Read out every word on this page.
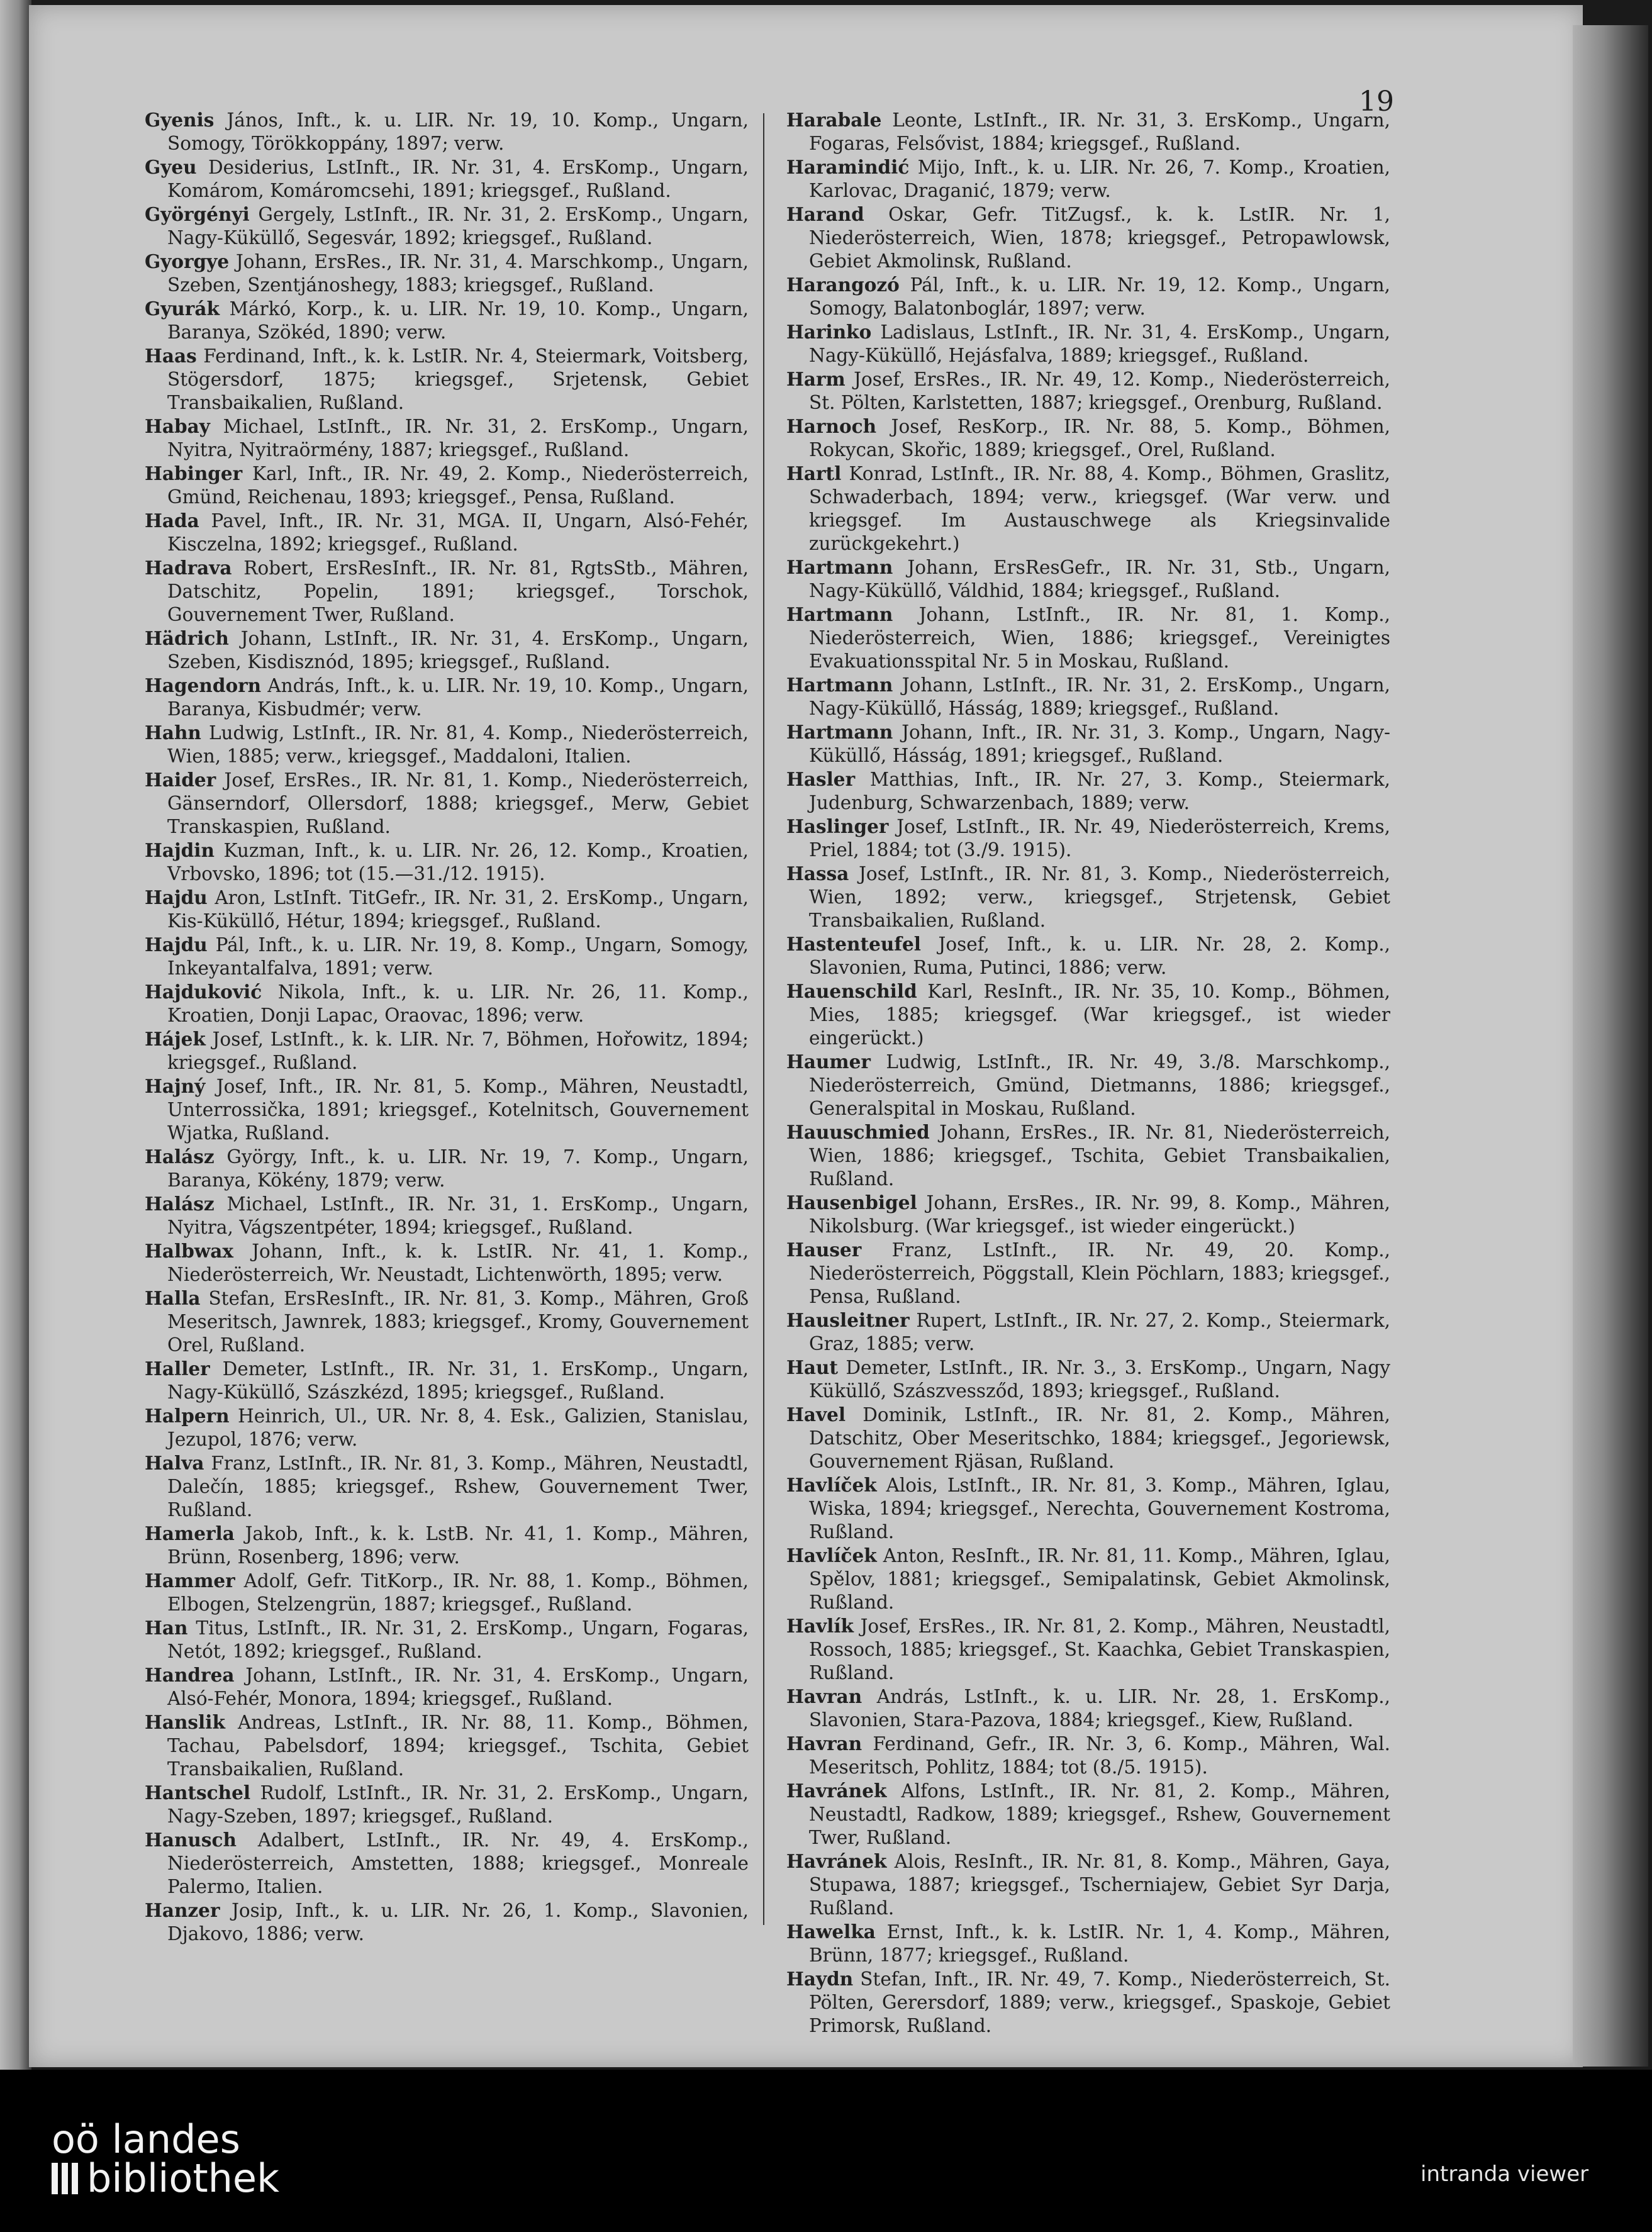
19

Gyenis János, Inft., k. u. LIR. Nr. 19, 10. Komp., Ungarn, Somogy, Törökkoppány, 1897; verw.

Gyeu Desiderius, LstInft., IR. Nr. 31, 4. ErsKomp., Ungarn, Komárom, Komáromcsehi, 1891; kriegsgef., Rußland.

Györgényi Gergely, LstInft., IR. Nr. 31, 2. ErsKomp., Ungarn, Nagy-Küküllő, Segesvár, 1892; kriegsgef., Rußland.

Gyorgye Johann, ErsRes., IR. Nr. 31, 4. Marschkomp., Ungarn, Szeben, Szentjánoshegy, 1883; kriegsgef., Rußland.

Gyurák Márkó, Korp., k. u. LIR. Nr. 19, 10. Komp., Ungarn, Baranya, Szökéd, 1890; verw.

Haas Ferdinand, Inft., k. k. LstIR. Nr. 4, Steiermark, Voitsberg, Stögersdorf, 1875; kriegsgef., Srjetensk, Gebiet Transbaikalien, Rußland.

Habay Michael, LstInft., IR. Nr. 31, 2. ErsKomp., Ungarn, Nyitra, Nyitraörmény, 1887; kriegsgef., Rußland.

Habinger Karl, Inft., IR. Nr. 49, 2. Komp., Niederösterreich, Gmünd, Reichenau, 1893; kriegsgef., Pensa, Rußland.

Hada Pavel, Inft., IR. Nr. 31, MGA. II, Ungarn, Alsó-Fehér, Kisczelna, 1892; kriegsgef., Rußland.

Hadrava Robert, ErsResInft., IR. Nr. 81, RgtsStb., Mähren, Datschitz, Popelin, 1891; kriegsgef., Torschok, Gouvernement Twer, Rußland.

Hädrich Johann, LstInft., IR. Nr. 31, 4. ErsKomp., Ungarn, Szeben, Kisdisznód, 1895; kriegsgef., Rußland.

Hagendorn András, Inft., k. u. LIR. Nr. 19, 10. Komp., Ungarn, Baranya, Kisbudmér; verw.

Hahn Ludwig, LstInft., IR. Nr. 81, 4. Komp., Niederösterreich, Wien, 1885; verw., kriegsgef., Maddaloni, Italien.

Haider Josef, ErsRes., IR. Nr. 81, 1. Komp., Niederösterreich, Gänserndorf, Ollersdorf, 1888; kriegsgef., Merw, Gebiet Transkaspien, Rußland.

Hajdin Kuzman, Inft., k. u. LIR. Nr. 26, 12. Komp., Kroatien, Vrbovsko, 1896; tot (15.—31./12. 1915).

Hajdu Aron, LstInft. TitGefr., IR. Nr. 31, 2. ErsKomp., Ungarn, Kis-Küküllő, Hétur, 1894; kriegsgef., Rußland.

Hajdu Pál, Inft., k. u. LIR. Nr. 19, 8. Komp., Ungarn, Somogy, Inkeyantalfalva, 1891; verw.

Hajduković Nikola, Inft., k. u. LIR. Nr. 26, 11. Komp., Kroatien, Donji Lapac, Oraovac, 1896; verw.

Hájek Josef, LstInft., k. k. LIR. Nr. 7, Böhmen, Hořowitz, 1894; kriegsgef., Rußland.

Hajný Josef, Inft., IR. Nr. 81, 5. Komp., Mähren, Neustadtl, Unterrossička, 1891; kriegsgef., Kotelnitsch, Gouvernement Wjatka, Rußland.

Halász György, Inft., k. u. LIR. Nr. 19, 7. Komp., Ungarn, Baranya, Kökény, 1879; verw.

Halász Michael, LstInft., IR. Nr. 31, 1. ErsKomp., Ungarn, Nyitra, Vágszentpéter, 1894; kriegsgef., Rußland.

Halbwax Johann, Inft., k. k. LstIR. Nr. 41, 1. Komp., Niederösterreich, Wr. Neustadt, Lichtenwörth, 1895; verw.

Halla Stefan, ErsResInft., IR. Nr. 81, 3. Komp., Mähren, Groß Meseritsch, Jawnrek, 1883; kriegsgef., Kromy, Gouvernement Orel, Rußland.

Haller Demeter, LstInft., IR. Nr. 31, 1. ErsKomp., Ungarn, Nagy-Küküllő, Szászkézd, 1895; kriegsgef., Rußland.

Halpern Heinrich, Ul., UR. Nr. 8, 4. Esk., Galizien, Stanislau, Jezupol, 1876; verw.

Halva Franz, LstInft., IR. Nr. 81, 3. Komp., Mähren, Neustadtl, Dalečín, 1885; kriegsgef., Rshew, Gouvernement Twer, Rußland.

Hamerla Jakob, Inft., k. k. LstB. Nr. 41, 1. Komp., Mähren, Brünn, Rosenberg, 1896; verw.

Hammer Adolf, Gefr. TitKorp., IR. Nr. 88, 1. Komp., Böhmen, Elbogen, Stelzengrün, 1887; kriegsgef., Rußland.

Han Titus, LstInft., IR. Nr. 31, 2. ErsKomp., Ungarn, Fogaras, Netót, 1892; kriegsgef., Rußland.

Handrea Johann, LstInft., IR. Nr. 31, 4. ErsKomp., Ungarn, Alsó-Fehér, Monora, 1894; kriegsgef., Rußland.

Hanslik Andreas, LstInft., IR. Nr. 88, 11. Komp., Böhmen, Tachau, Pabelsdorf, 1894; kriegsgef., Tschita, Gebiet Transbaikalien, Rußland.

Hantschel Rudolf, LstInft., IR. Nr. 31, 2. ErsKomp., Ungarn, Nagy-Szeben, 1897; kriegsgef., Rußland.

Hanusch Adalbert, LstInft., IR. Nr. 49, 4. ErsKomp., Niederösterreich, Amstetten, 1888; kriegsgef., Monreale Palermo, Italien.

Hanzer Josip, Inft., k. u. LIR. Nr. 26, 1. Komp., Slavonien, Djakovo, 1886; verw.

Harabale Leonte, LstInft., IR. Nr. 31, 3. ErsKomp., Ungarn, Fogaras, Felsővist, 1884; kriegsgef., Rußland.

Haramindić Mijo, Inft., k. u. LIR. Nr. 26, 7. Komp., Kroatien, Karlovac, Draganić, 1879; verw.

Harand Oskar, Gefr. TitZugsf., k. k. LstIR. Nr. 1, Niederösterreich, Wien, 1878; kriegsgef., Petropawlowsk, Gebiet Akmolinsk, Rußland.

Harangozó Pál, Inft., k. u. LIR. Nr. 19, 12. Komp., Ungarn, Somogy, Balatonboglár, 1897; verw.

Harinko Ladislaus, LstInft., IR. Nr. 31, 4. ErsKomp., Ungarn, Nagy-Küküllő, Hejásfalva, 1889; kriegsgef., Rußland.

Harm Josef, ErsRes., IR. Nr. 49, 12. Komp., Niederösterreich, St. Pölten, Karlstetten, 1887; kriegsgef., Orenburg, Rußland.

Harnoch Josef, ResKorp., IR. Nr. 88, 5. Komp., Böhmen, Rokycan, Skořic, 1889; kriegsgef., Orel, Rußland.

Hartl Konrad, LstInft., IR. Nr. 88, 4. Komp., Böhmen, Graslitz, Schwaderbach, 1894; verw., kriegsgef. (War verw. und kriegsgef. Im Austauschwege als Kriegsinvalide zurückgekehrt.)

Hartmann Johann, ErsResGefr., IR. Nr. 31, Stb., Ungarn, Nagy-Küküllő, Váldhid, 1884; kriegsgef., Rußland.

Hartmann Johann, LstInft., IR. Nr. 81, 1. Komp., Niederösterreich, Wien, 1886; kriegsgef., Vereinigtes Evakuationsspital Nr. 5 in Moskau, Rußland.

Hartmann Johann, LstInft., IR. Nr. 31, 2. ErsKomp., Ungarn, Nagy-Küküllő, Hásság, 1889; kriegsgef., Rußland.

Hartmann Johann, Inft., IR. Nr. 31, 3. Komp., Ungarn, Nagy-Küküllő, Hásság, 1891; kriegsgef., Rußland.

Hasler Matthias, Inft., IR. Nr. 27, 3. Komp., Steiermark, Judenburg, Schwarzenbach, 1889; verw.

Haslinger Josef, LstInft., IR. Nr. 49, Niederösterreich, Krems, Priel, 1884; tot (3./9. 1915).

Hassa Josef, LstInft., IR. Nr. 81, 3. Komp., Niederösterreich, Wien, 1892; verw., kriegsgef., Strjetensk, Gebiet Transbaikalien, Rußland.

Hastenteufel Josef, Inft., k. u. LIR. Nr. 28, 2. Komp., Slavonien, Ruma, Putinci, 1886; verw.

Hauenschild Karl, ResInft., IR. Nr. 35, 10. Komp., Böhmen, Mies, 1885; kriegsgef. (War kriegsgef., ist wieder eingerückt.)

Haumer Ludwig, LstInft., IR. Nr. 49, 3./8. Marschkomp., Niederösterreich, Gmünd, Dietmanns, 1886; kriegsgef., Generalspital in Moskau, Rußland.

Hauuschmied Johann, ErsRes., IR. Nr. 81, Niederösterreich, Wien, 1886; kriegsgef., Tschita, Gebiet Transbaikalien, Rußland.

Hausenbigel Johann, ErsRes., IR. Nr. 99, 8. Komp., Mähren, Nikolsburg. (War kriegsgef., ist wieder eingerückt.)

Hauser Franz, LstInft., IR. Nr. 49, 20. Komp., Niederösterreich, Pöggstall, Klein Pöchlarn, 1883; kriegsgef., Pensa, Rußland.

Hausleitner Rupert, LstInft., IR. Nr. 27, 2. Komp., Steiermark, Graz, 1885; verw.

Haut Demeter, LstInft., IR. Nr. 3., 3. ErsKomp., Ungarn, Nagy Küküllő, Szászvessződ, 1893; kriegsgef., Rußland.

Havel Dominik, LstInft., IR. Nr. 81, 2. Komp., Mähren, Datschitz, Ober Meseritschko, 1884; kriegsgef., Jegoriewsk, Gouvernement Rjäsan, Rußland.

Havlíček Alois, LstInft., IR. Nr. 81, 3. Komp., Mähren, Iglau, Wiska, 1894; kriegsgef., Nerechta, Gouvernement Kostroma, Rußland.

Havlíček Anton, ResInft., IR. Nr. 81, 11. Komp., Mähren, Iglau, Spělov, 1881; kriegsgef., Semipalatinsk, Gebiet Akmolinsk, Rußland.

Havlík Josef, ErsRes., IR. Nr. 81, 2. Komp., Mähren, Neustadtl, Rossoch, 1885; kriegsgef., St. Kaachka, Gebiet Transkaspien, Rußland.

Havran András, LstInft., k. u. LIR. Nr. 28, 1. ErsKomp., Slavonien, Stara-Pazova, 1884; kriegsgef., Kiew, Rußland.

Havran Ferdinand, Gefr., IR. Nr. 3, 6. Komp., Mähren, Wal. Meseritsch, Pohlitz, 1884; tot (8./5. 1915).

Havránek Alfons, LstInft., IR. Nr. 81, 2. Komp., Mähren, Neustadtl, Radkow, 1889; kriegsgef., Rshew, Gouvernement Twer, Rußland.

Havránek Alois, ResInft., IR. Nr. 81, 8. Komp., Mähren, Gaya, Stupawa, 1887; kriegsgef., Tscherniajew, Gebiet Syr Darja, Rußland.

Hawelka Ernst, Inft., k. k. LstIR. Nr. 1, 4. Komp., Mähren, Brünn, 1877; kriegsgef., Rußland.

Haydn Stefan, Inft., IR. Nr. 49, 7. Komp., Niederösterreich, St. Pölten, Gerersdorf, 1889; verw., kriegsgef., Spaskoje, Gebiet Primorsk, Rußland.

oö landes
bibliothek	intranda viewer
